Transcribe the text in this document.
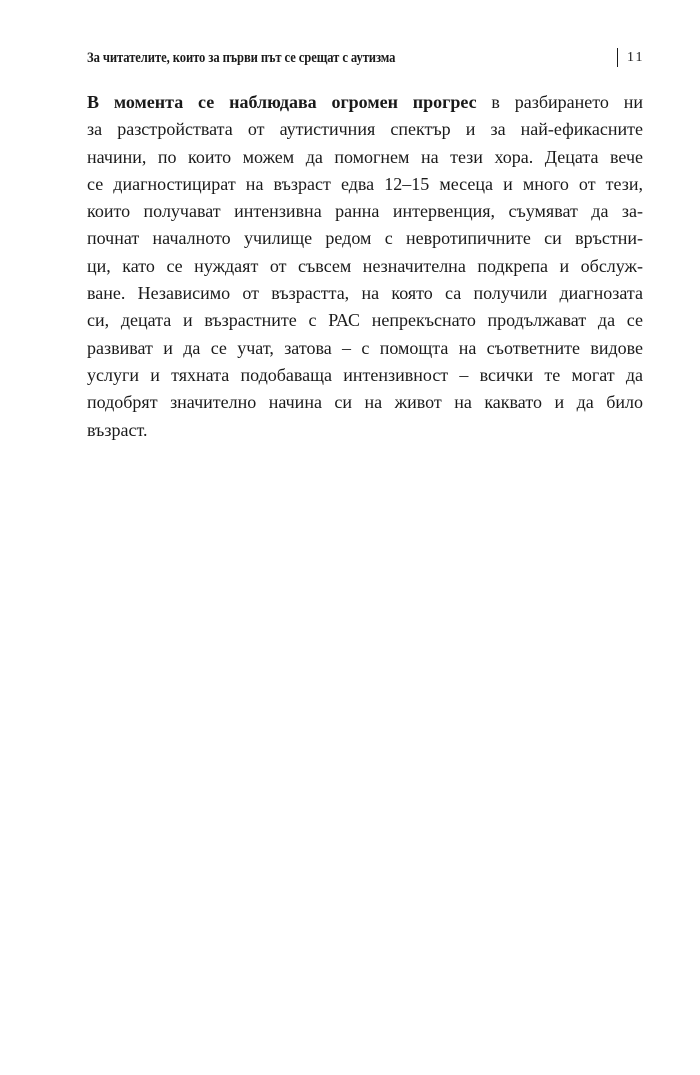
За читателите, които за първи път се срещат с аутизма	11
В момента се наблюдава огромен прогрес в разбирането ни
за разстройствата от аутистичния спектър и за най-ефикасните
начини, по които можем да помогнем на тези хора. Децата вече
се диагностицират на възраст едва 12–15 месеца и много от тези,
които получават интензивна ранна интервенция, съумяват да за-
почнат началното училище редом с невротипичните си връстни-
ци, като се нуждаят от съвсем незначителна подкрепа и обслуж-
ване. Независимо от възрастта, на която са получили диагнозата
си, децата и възрастните с РАС непрекъснато продължават да се
развиват и да се учат, затова – с помощта на съответните видове
услуги и тяхната подобаваща интензивност – всички те могат да
подобрят значително начина си на живот на каквато и да било
възраст.
